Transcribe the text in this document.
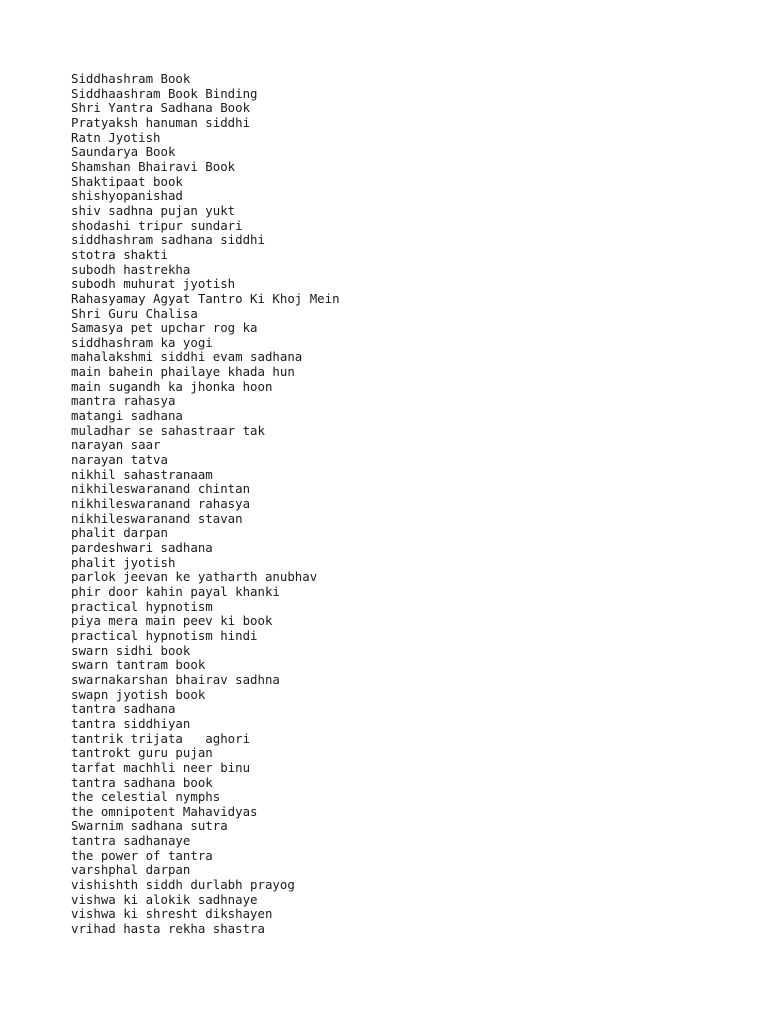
Siddhashram Book
Siddhaashram Book Binding
Shri Yantra Sadhana Book
Pratyaksh hanuman siddhi
Ratn Jyotish
Saundarya Book
Shamshan Bhairavi Book
Shaktipaat book
shishyopanishad
shiv sadhna pujan yukt
shodashi tripur sundari
siddhashram sadhana siddhi
stotra shakti
subodh hastrekha
subodh muhurat jyotish
Rahasyamay Agyat Tantro Ki Khoj Mein
Shri Guru Chalisa
Samasya pet upchar rog ka
siddhashram ka yogi
mahalakshmi siddhi evam sadhana
main bahein phailaye khada hun
main sugandh ka jhonka hoon
mantra rahasya
matangi sadhana
muladhar se sahastraar tak
narayan saar
narayan tatva
nikhil sahastranaam
nikhileswaranand chintan
nikhileswaranand rahasya
nikhileswaranand stavan
phalit darpan
pardeshwari sadhana
phalit jyotish
parlok jeevan ke yatharth anubhav
phir door kahin payal khanki
practical hypnotism
piya mera main peev ki book
practical hypnotism hindi
swarn sidhi book
swarn tantram book
swarnakarshan bhairav sadhna
swapn jyotish book
tantra sadhana
tantra siddhiyan
tantrik trijata   aghori
tantrokt guru pujan
tarfat machhli neer binu
tantra sadhana book
the celestial nymphs
the omnipotent Mahavidyas
Swarnim sadhana sutra
tantra sadhanaye
the power of tantra
varshphal darpan
vishishth siddh durlabh prayog
vishwa ki alokik sadhnaye
vishwa ki shresht dikshayen
vrihad hasta rekha shastra
